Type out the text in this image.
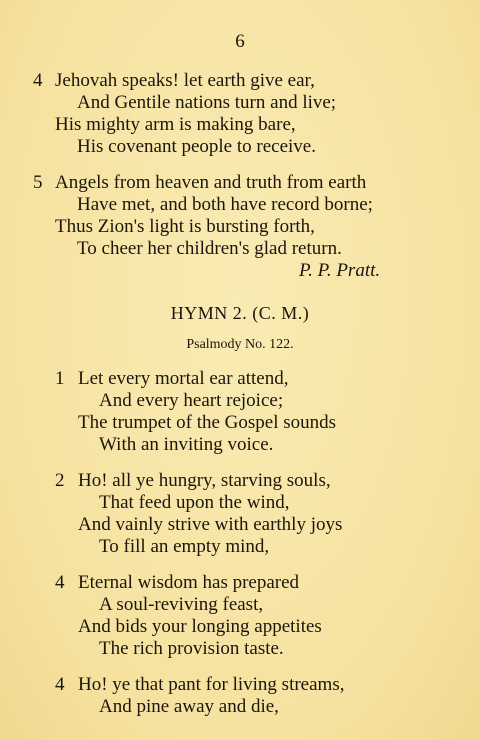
6
4 Jehovah speaks! let earth give ear,
And Gentile nations turn and live;
His mighty arm is making bare,
His covenant people to receive.
5 Angels from heaven and truth from earth
Have met, and both have record borne;
Thus Zion's light is bursting forth,
To cheer her children's glad return.
P. P. Pratt.
HYMN 2. (C. M.)
Psalmody No. 122.
1 Let every mortal ear attend,
And every heart rejoice;
The trumpet of the Gospel sounds
With an inviting voice.
2 Ho! all ye hungry, starving souls,
That feed upon the wind,
And vainly strive with earthly joys
To fill an empty mind,
4 Eternal wisdom has prepared
A soul-reviving feast,
And bids your longing appetites
The rich provision taste.
4 Ho! ye that pant for living streams,
And pine away and die,
